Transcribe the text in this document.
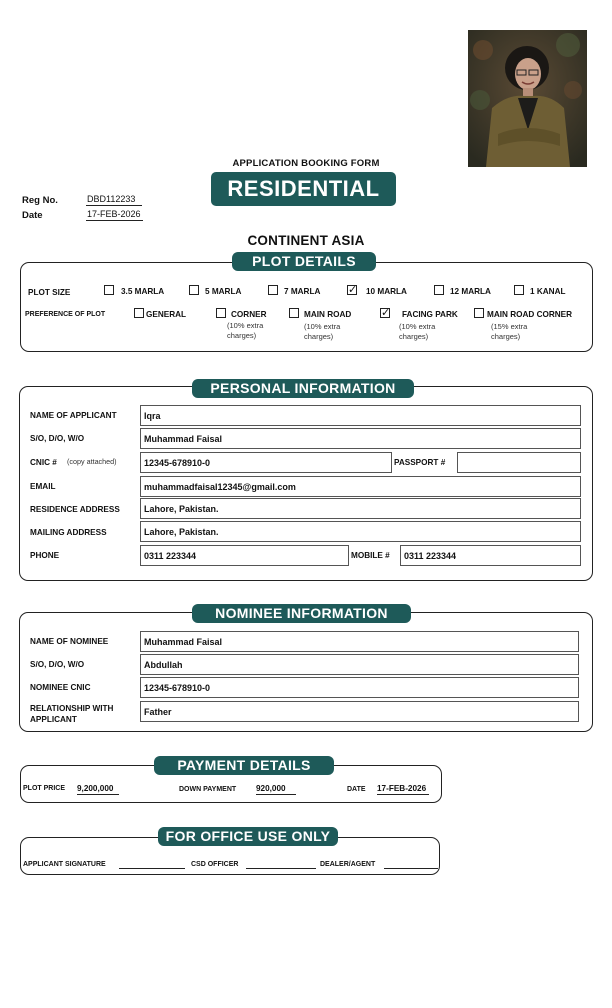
APPLICATION BOOKING FORM
RESIDENTIAL
Reg No.	DBD112233
Date	17-FEB-2026
CONTINENT ASIA
PLOT DETAILS
PLOT SIZE	3.5 MARLA	5 MARLA	7 MARLA
✓	10 MARLA	12 MARLA	1 KANAL
PREFERENCE OF PLOT	GENERAL	CORNER
(10% extra
charges)
MAIN ROAD
(10% extra
charges)
✓
FACING PARK
(10% extra
charges)
MAIN ROAD CORNER
(15% extra
charges)
PERSONAL INFORMATION
NAME OF APPLICANT	Iqra
S/O, D/O, W/O	Muhammad Faisal
CNIC # (copy attached)	12345-678910-0	PASSPORT #
EMAIL	muhammadfaisal12345@gmail.com
RESIDENCE ADDRESS	Lahore, Pakistan.
MAILING ADDRESS	Lahore, Pakistan.
PHONE	0311 223344	MOBILE #	0311 223344
NOMINEE INFORMATION
NAME OF NOMINEE	Muhammad Faisal
S/O, D/O, W/O	Abdullah
NOMINEE CNIC	12345-678910-0
RELATIONSHIP WITH
APPLICANT
Father
PAYMENT DETAILS
PLOT PRICE 9,200,000	DOWN PAYMENT 920,000	DATE 17-FEB-2026
FOR OFFICE USE ONLY
APPLICANT SIGNATURE	CSD OFFICER	DEALER/AGENT
